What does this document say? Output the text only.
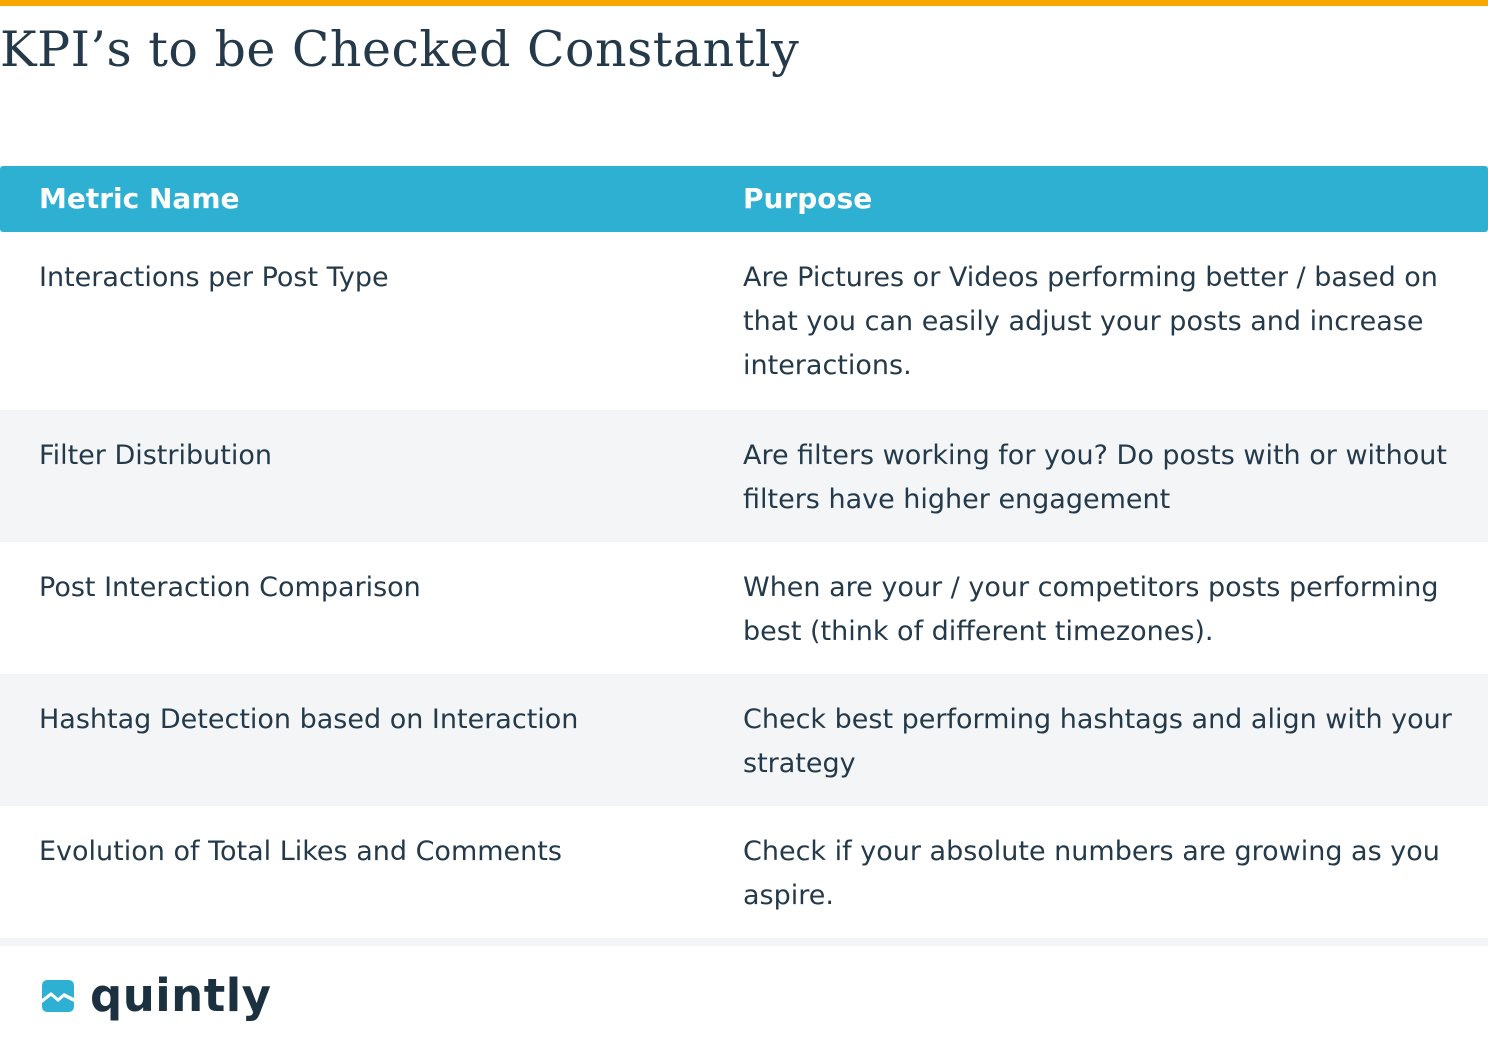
KPI’s to be Checked Constantly
Metric Name	Purpose
Interactions per Post Type	Are Pictures or Videos performing better / based on that you can easily adjust your posts and increase interactions.
Filter Distribution	Are filters working for you? Do posts with or without filters have higher engagement
Post Interaction Comparison	When are your / your competitors posts performing best (think of different timezones).
Hashtag Detection based on Interaction	Check best performing hashtags and align with your strategy
Evolution of Total Likes and Comments	Check if your absolute numbers are growing as you aspire.
quintly
